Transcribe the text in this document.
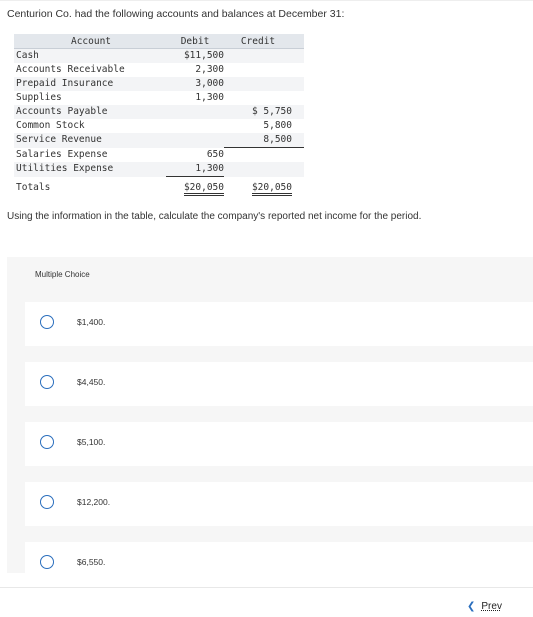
Centurion Co. had the following accounts and balances at December 31:
Account	Debit	Credit
Cash	$11,500	
Accounts Receivable	2,300	
Prepaid Insurance	3,000	
Supplies	1,300	
Accounts Payable		$ 5,750
Common Stock		5,800
Service Revenue		8,500
Salaries Expense	650	
Utilities Expense	1,300	
Totals	$20,050	$20,050
Using the information in the table, calculate the company's reported net income for the period.
Multiple Choice
$1,400.
$4,450.
$5,100.
$12,200.
$6,550.
❮ Prev
